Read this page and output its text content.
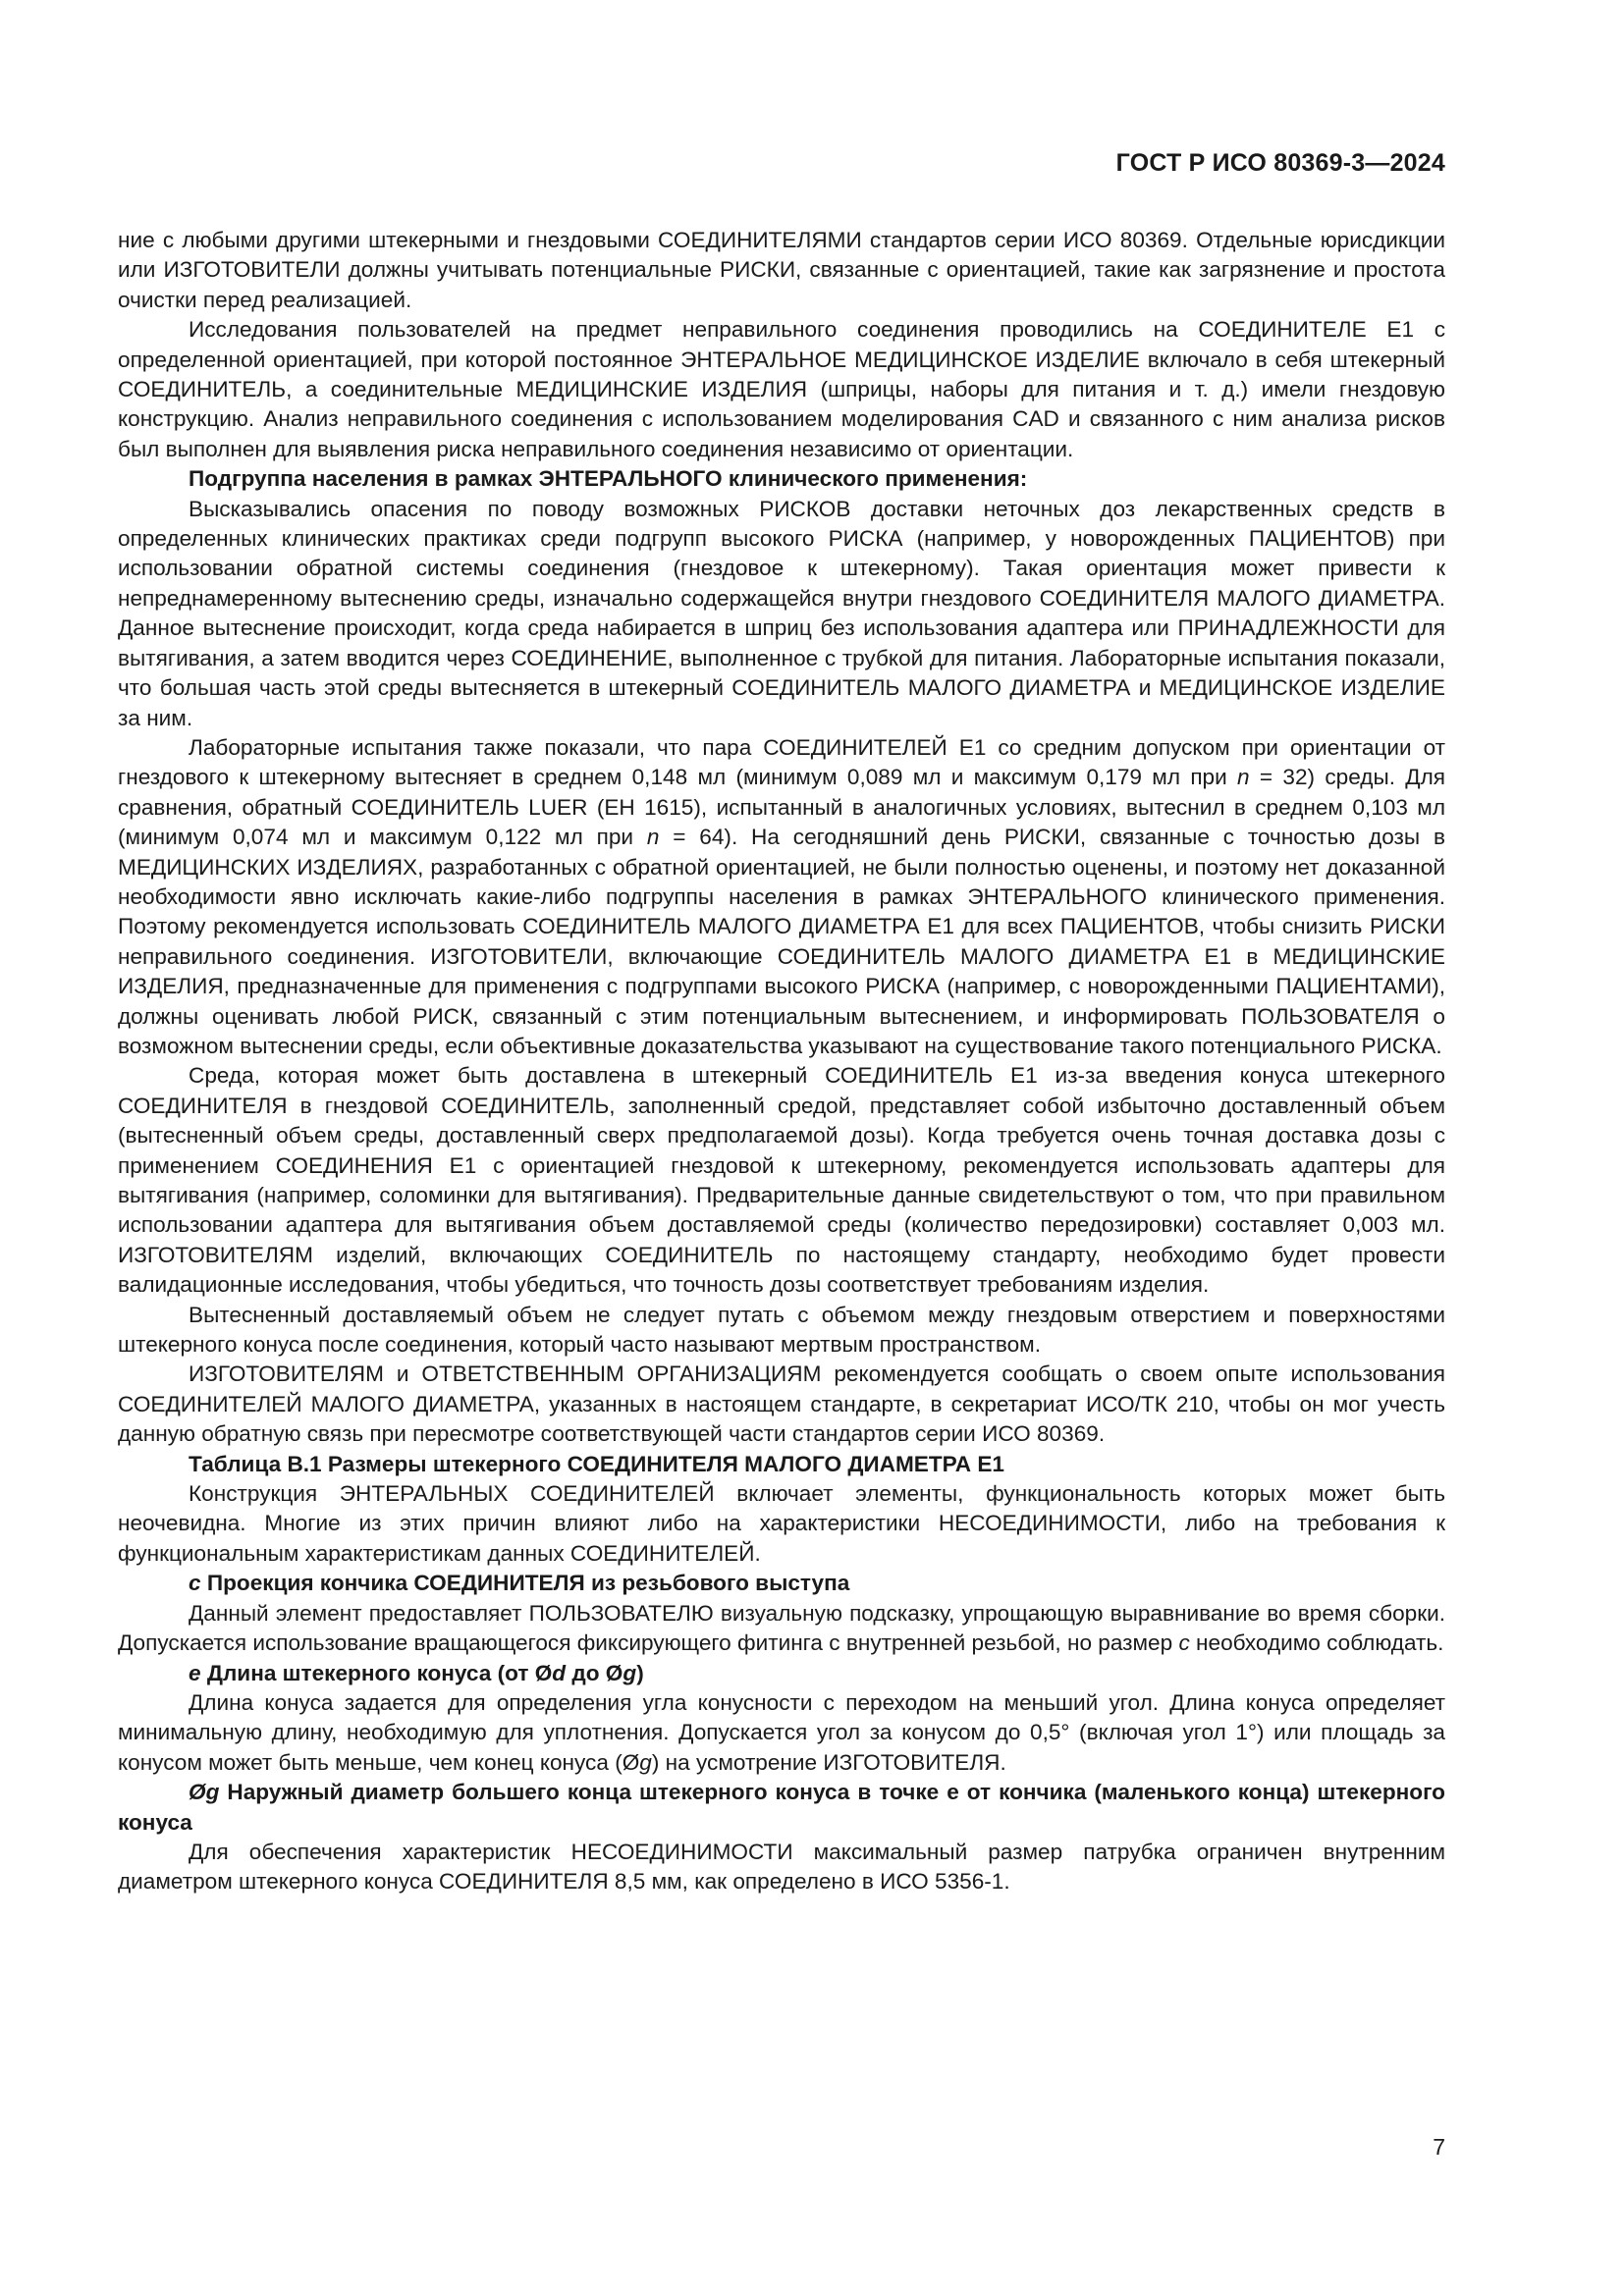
ГОСТ Р ИСО 80369-3—2024

ние с любыми другими штекерными и гнездовыми СОЕДИНИТЕЛЯМИ стандартов серии ИСО 80369. Отдельные юрисдикции или ИЗГОТОВИТЕЛИ должны учитывать потенциальные РИСКИ, связанные с ориентацией, такие как загрязнение и простота очистки перед реализацией.

Исследования пользователей на предмет неправильного соединения проводились на СОЕДИНИТЕЛЕ Е1 с определенной ориентацией, при которой постоянное ЭНТЕРАЛЬНОЕ МЕДИЦИНСКОЕ ИЗДЕЛИЕ включало в себя штекерный СОЕДИНИТЕЛЬ, а соединительные МЕДИЦИНСКИЕ ИЗДЕЛИЯ (шприцы, наборы для питания и т. д.) имели гнездовую конструкцию. Анализ неправильного соединения с использованием моделирования CAD и связанного с ним анализа рисков был выполнен для выявления риска неправильного соединения независимо от ориентации.

Подгруппа населения в рамках ЭНТЕРАЛЬНОГО клинического применения:

Высказывались опасения по поводу возможных РИСКОВ доставки неточных доз лекарственных средств в определенных клинических практиках среди подгрупп высокого РИСКА (например, у новорожденных ПАЦИЕНТОВ) при использовании обратной системы соединения (гнездовое к штекерному). Такая ориентация может привести к непреднамеренному вытеснению среды, изначально содержащейся внутри гнездового СОЕДИНИТЕЛЯ МАЛОГО ДИАМЕТРА. Данное вытеснение происходит, когда среда набирается в шприц без использования адаптера или ПРИНАДЛЕЖНОСТИ для вытягивания, а затем вводится через СОЕДИНЕНИЕ, выполненное с трубкой для питания. Лабораторные испытания показали, что большая часть этой среды вытесняется в штекерный СОЕДИНИТЕЛЬ МАЛОГО ДИАМЕТРА и МЕДИЦИНСКОЕ ИЗДЕЛИЕ за ним.

Лабораторные испытания также показали, что пара СОЕДИНИТЕЛЕЙ Е1 со средним допуском при ориентации от гнездового к штекерному вытесняет в среднем 0,148 мл (минимум 0,089 мл и максимум 0,179 мл при n = 32) среды. Для сравнения, обратный СОЕДИНИТЕЛЬ LUER (ЕН 1615), испытанный в аналогичных условиях, вытеснил в среднем 0,103 мл (минимум 0,074 мл и максимум 0,122 мл при n = 64). На сегодняшний день РИСКИ, связанные с точностью дозы в МЕДИЦИНСКИХ ИЗДЕЛИЯХ, разработанных с обратной ориентацией, не были полностью оценены, и поэтому нет доказанной необходимости явно исключать какие-либо подгруппы населения в рамках ЭНТЕРАЛЬНОГО клинического применения. Поэтому рекомендуется использовать СОЕДИНИТЕЛЬ МАЛОГО ДИАМЕТРА Е1 для всех ПАЦИЕНТОВ, чтобы снизить РИСКИ неправильного соединения. ИЗГОТОВИТЕЛИ, включающие СОЕДИНИТЕЛЬ МАЛОГО ДИАМЕТРА Е1 в МЕДИЦИНСКИЕ ИЗДЕЛИЯ, предназначенные для применения с подгруппами высокого РИСКА (например, с новорожденными ПАЦИЕНТАМИ), должны оценивать любой РИСК, связанный с этим потенциальным вытеснением, и информировать ПОЛЬЗОВАТЕЛЯ о возможном вытеснении среды, если объективные доказательства указывают на существование такого потенциального РИСКА.

Среда, которая может быть доставлена в штекерный СОЕДИНИТЕЛЬ Е1 из-за введения конуса штекерного СОЕДИНИТЕЛЯ в гнездовой СОЕДИНИТЕЛЬ, заполненный средой, представляет собой избыточно доставленный объем (вытесненный объем среды, доставленный сверх предполагаемой дозы). Когда требуется очень точная доставка дозы с применением СОЕДИНЕНИЯ Е1 с ориентацией гнездовой к штекерному, рекомендуется использовать адаптеры для вытягивания (например, соломинки для вытягивания). Предварительные данные свидетельствуют о том, что при правильном использовании адаптера для вытягивания объем доставляемой среды (количество передозировки) составляет 0,003 мл. ИЗГОТОВИТЕЛЯМ изделий, включающих СОЕДИНИТЕЛЬ по настоящему стандарту, необходимо будет провести валидационные исследования, чтобы убедиться, что точность дозы соответствует требованиям изделия.

Вытесненный доставляемый объем не следует путать с объемом между гнездовым отверстием и поверхностями штекерного конуса после соединения, который часто называют мертвым пространством.

ИЗГОТОВИТЕЛЯМ и ОТВЕТСТВЕННЫМ ОРГАНИЗАЦИЯМ рекомендуется сообщать о своем опыте использования СОЕДИНИТЕЛЕЙ МАЛОГО ДИАМЕТРА, указанных в настоящем стандарте, в секретариат ИСО/ТК 210, чтобы он мог учесть данную обратную связь при пересмотре соответствующей части стандартов серии ИСО 80369.

Таблица В.1 Размеры штекерного СОЕДИНИТЕЛЯ МАЛОГО ДИАМЕТРА Е1

Конструкция ЭНТЕРАЛЬНЫХ СОЕДИНИТЕЛЕЙ включает элементы, функциональность которых может быть неочевидна. Многие из этих причин влияют либо на характеристики НЕСОЕДИНИМОСТИ, либо на требования к функциональным характеристикам данных СОЕДИНИТЕЛЕЙ.

c Проекция кончика СОЕДИНИТЕЛЯ из резьбового выступа

Данный элемент предоставляет ПОЛЬЗОВАТЕЛЮ визуальную подсказку, упрощающую выравнивание во время сборки. Допускается использование вращающегося фиксирующего фитинга с внутренней резьбой, но размер c необходимо соблюдать.

e Длина штекерного конуса (от Ød до Øg)

Длина конуса задается для определения угла конусности с переходом на меньший угол. Длина конуса определяет минимальную длину, необходимую для уплотнения. Допускается угол за конусом до 0,5° (включая угол 1°) или площадь за конусом может быть меньше, чем конец конуса (Øg) на усмотрение ИЗГОТОВИТЕЛЯ.

Øg Наружный диаметр большего конца штекерного конуса в точке е от кончика (маленького конца) штекерного конуса

Для обеспечения характеристик НЕСОЕДИНИМОСТИ максимальный размер патрубка ограничен внутренним диаметром штекерного конуса СОЕДИНИТЕЛЯ 8,5 мм, как определено в ИСО 5356-1.

7
